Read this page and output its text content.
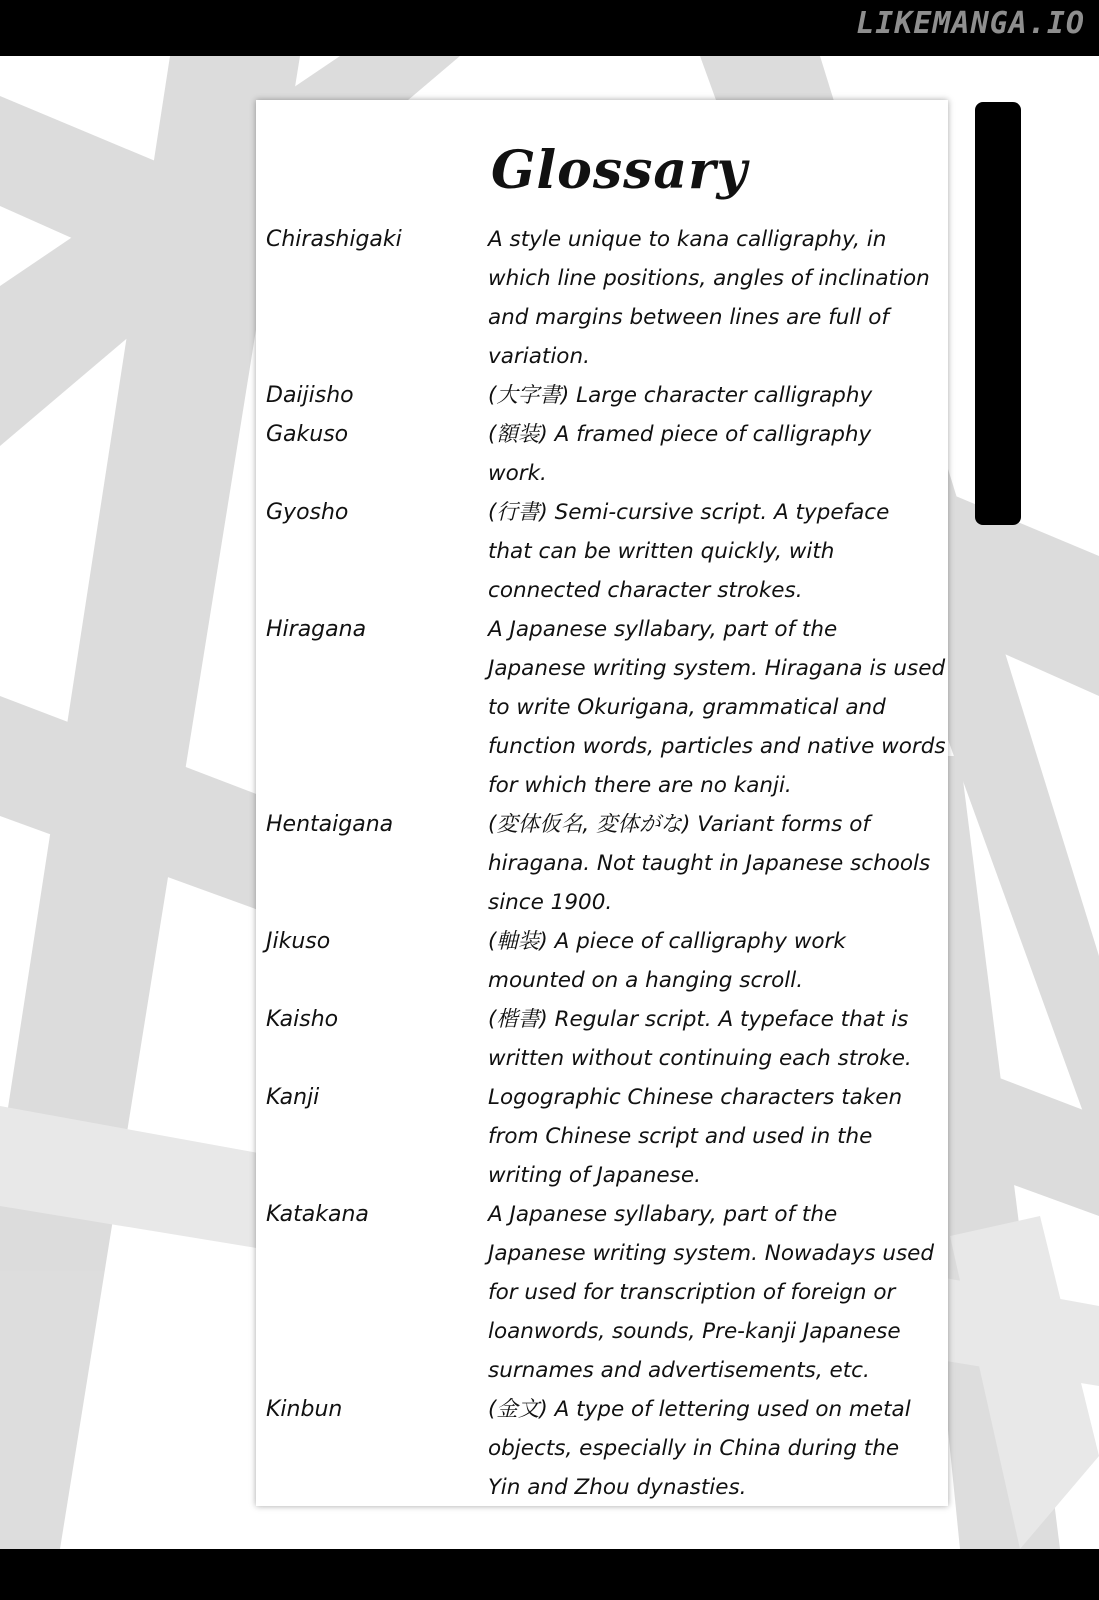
LIKEMANGA.IO
Glossary
Chirashigaki	A style unique to kana calligraphy, in
which line positions, angles of inclination
and margins between lines are full of
variation.
Daijisho	(大字書) Large character calligraphy
Gakuso	(額装) A framed piece of calligraphy
work.
Gyosho	(行書) Semi-cursive script. A typeface
that can be written quickly, with
connected character strokes.
Hiragana	A Japanese syllabary, part of the
Japanese writing system. Hiragana is used
to write Okurigana, grammatical and
function words, particles and native words
for which there are no kanji.
Hentaigana	(変体仮名, 変体がな) Variant forms of
hiragana. Not taught in Japanese schools
since 1900.
Jikuso	(軸装) A piece of calligraphy work
mounted on a hanging scroll.
Kaisho	(楷書) Regular script. A typeface that is
written without continuing each stroke.
Kanji	Logographic Chinese characters taken
from Chinese script and used in the
writing of Japanese.
Katakana	A Japanese syllabary, part of the
Japanese writing system. Nowadays used
for used for transcription of foreign or
loanwords, sounds, Pre-kanji Japanese
surnames and advertisements, etc.
Kinbun	(金文) A type of lettering used on metal
objects, especially in China during the
Yin and Zhou dynasties.
